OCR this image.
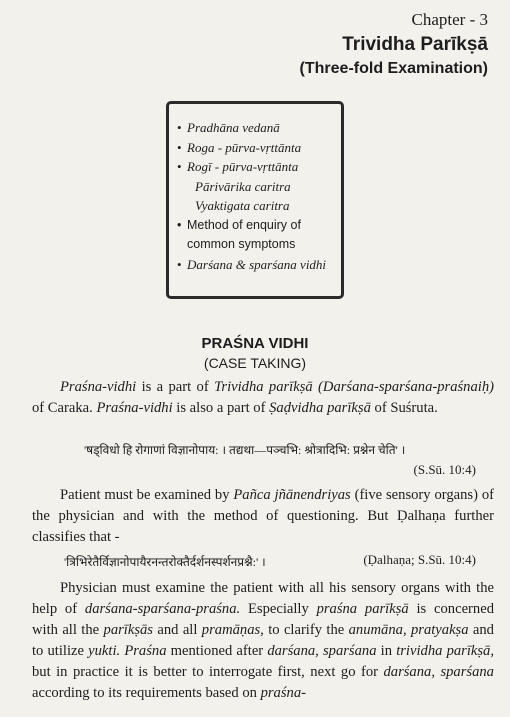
Chapter - 3
Trividha Parīkṣā
(Three-fold Examination)
• Pradhāna vedanā
• Roga - pūrva-vṛttānta
• Rogī - pūrva-vṛttānta
Pārivārika caritra
Vyaktigata caritra
• Method of enquiry of
common symptoms
• Darśana & sparśana vidhi
PRAŚNA VIDHI
(CASE TAKING)

Praśna-vidhi is a part of Trividha parīkṣā (Darśana-sparśana-praśnaiḥ) of Caraka. Praśna-vidhi is also a part of Ṣaḍvidha parīkṣā of Suśruta.

'षड्विधो हि रोगाणां विज्ञानोपाय: । तद्यथा—पञ्चभि: श्रोत्रादिभि: प्रश्नेन चेति' ।
(S.Sū. 10:4)

Patient must be examined by Pañca jñānendriyas (five sensory organs) of the physician and with the method of questioning. But Ḍalhaṇa further classifies that -

'त्रिभिरेतैर्विज्ञानोपायैरनन्तरोक्तैर्दर्शनस्पर्शनप्रश्नै:' ।	(Ḍalhaṇa; S.Sū. 10:4)

Physician must examine the patient with all his sensory organs with the help of darśana-sparśana-praśna. Especially praśna parīkṣā is concerned with all the parīkṣās and all pramāṇas, to clarify the anumāna, pratyakṣa and to utilize yukti. Praśna mentioned after darśana, sparśana in trividha parīkṣā, but in practice it is better to interrogate first, next go for darśana, sparśana according to its requirements based on praśna-
